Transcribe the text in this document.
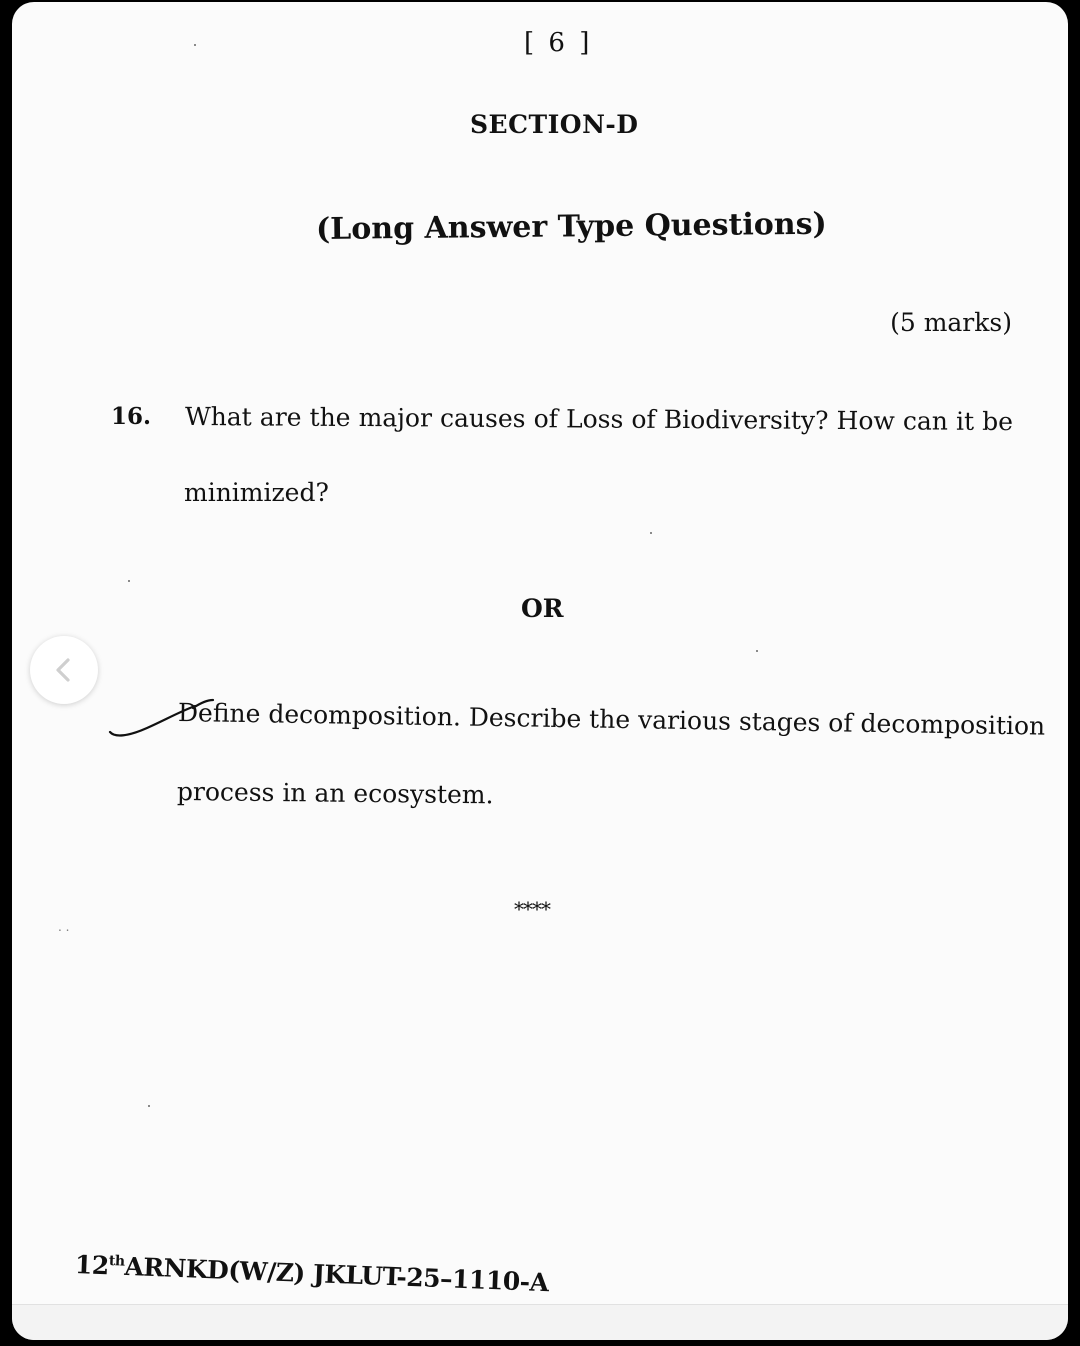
[ 6 ]
SECTION-D
(Long Answer Type Questions)
(5 marks)
16. What are the major causes of Loss of Biodiversity? How can it be
minimized?
OR
Define decomposition. Describe the various stages of decomposition
process in an ecosystem.
****
12thARNKD(W/Z) JKLUT-25–1110-A
. .
